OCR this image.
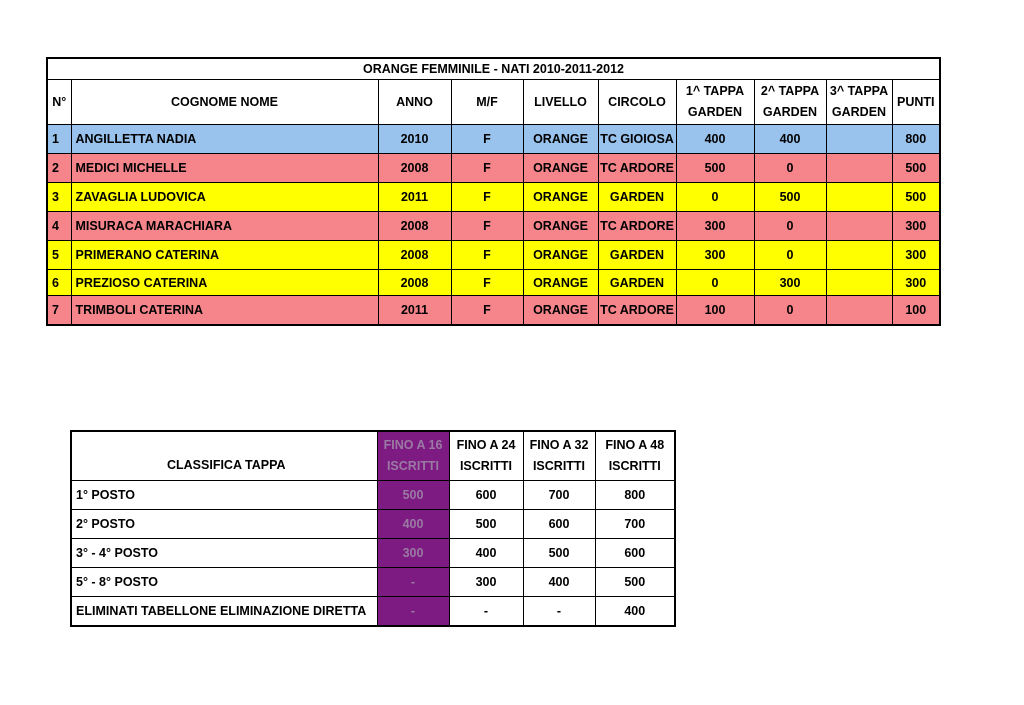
ORANGE FEMMINILE - NATI 2010-2011-2012									
N°	COGNOME NOME	ANNO	M/F	LIVELLO	CIRCOLO	1^ TAPPA GARDEN	2^ TAPPA GARDEN	3^ TAPPA GARDEN	PUNTI
1	ANGILLETTA NADIA	2010	F	ORANGE	TC GIOIOSA	400	400		800
2	MEDICI MICHELLE	2008	F	ORANGE	TC ARDORE	500	0		500
3	ZAVAGLIA LUDOVICA	2011	F	ORANGE	GARDEN	0	500		500
4	MISURACA MARACHIARA	2008	F	ORANGE	TC ARDORE	300	0		300
5	PRIMERANO CATERINA	2008	F	ORANGE	GARDEN	300	0		300
6	PREZIOSO CATERINA	2008	F	ORANGE	GARDEN	0	300		300
7	TRIMBOLI CATERINA	2011	F	ORANGE	TC ARDORE	100	0		100
CLASSIFICA TAPPA	FINO A 16 ISCRITTI	FINO A 24 ISCRITTI	FINO A 32 ISCRITTI	FINO A 48 ISCRITTI
1° POSTO	500	600	700	800
2° POSTO	400	500	600	700
3° - 4° POSTO	300	400	500	600
5° - 8° POSTO	-	300	400	500
ELIMINATI TABELLONE ELIMINAZIONE DIRETTA	-	-	-	400
